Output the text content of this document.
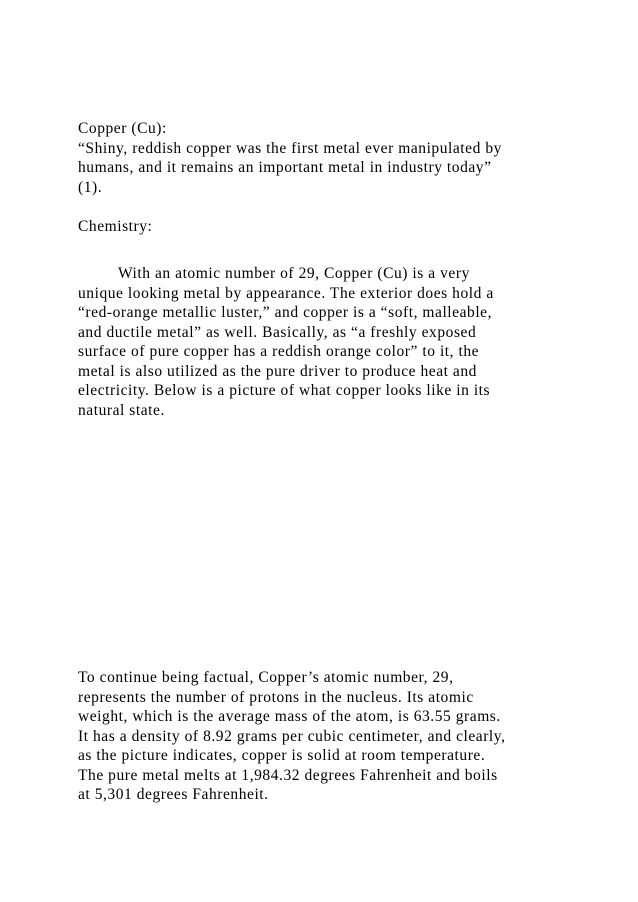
Copper (Cu):
“Shiny, reddish copper was the first metal ever manipulated by
humans, and it remains an important metal in industry today”
(1).
Chemistry:
With an atomic number of 29, Copper (Cu) is a very
unique looking metal by appearance. The exterior does hold a
“red-orange metallic luster,” and copper is a “soft, malleable,
and ductile metal” as well. Basically, as “a freshly exposed
surface of pure copper has a reddish orange color” to it, the
metal is also utilized as the pure driver to produce heat and
electricity. Below is a picture of what copper looks like in its
natural state.
To continue being factual, Copper’s atomic number, 29,
represents the number of protons in the nucleus. Its atomic
weight, which is the average mass of the atom, is 63.55 grams.
It has a density of 8.92 grams per cubic centimeter, and clearly,
as the picture indicates, copper is solid at room temperature.
The pure metal melts at 1,984.32 degrees Fahrenheit and boils
at 5,301 degrees Fahrenheit.
